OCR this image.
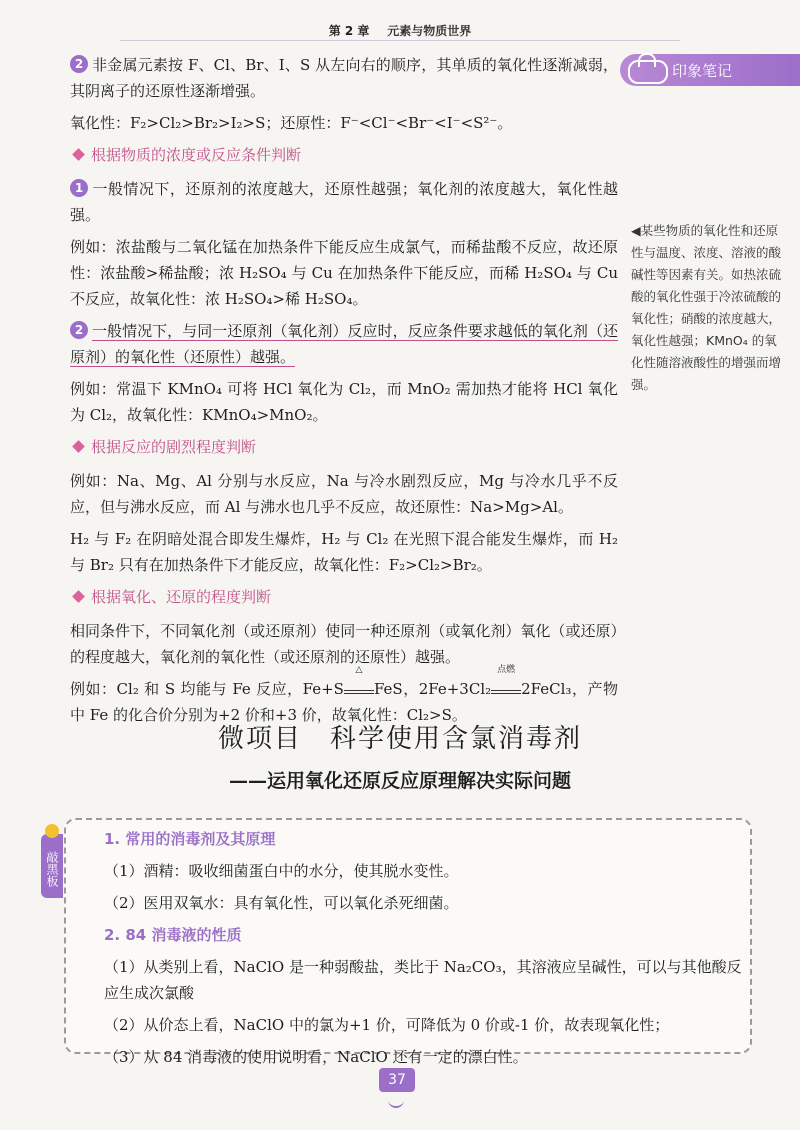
第 2 章 元素与物质世界
印象笔记

2 非金属元素按 F、Cl、Br、I、S 从左向右的顺序，其单质的氧化性逐渐减弱，其阴离子的还原性逐渐增强。

氧化性：F₂>Cl₂>Br₂>I₂>S；还原性：F⁻<Cl⁻<Br⁻<I⁻<S²⁻。

根据物质的浓度或反应条件判断

1 一般情况下，还原剂的浓度越大，还原性越强；氧化剂的浓度越大，氧化性越强。

例如：浓盐酸与二氧化锰在加热条件下能反应生成氯气，而稀盐酸不反应，故还原性：浓盐酸>稀盐酸；浓 H₂SO₄ 与 Cu 在加热条件下能反应，而稀 H₂SO₄ 与 Cu 不反应，故氧化性：浓 H₂SO₄>稀 H₂SO₄。

2 一般情况下，与同一还原剂（氧化剂）反应时，反应条件要求越低的氧化剂（还原剂）的氧化性（还原性）越强。

例如：常温下 KMnO₄ 可将 HCl 氧化为 Cl₂，而 MnO₂ 需加热才能将 HCl 氧化为 Cl₂，故氧化性：KMnO₄>MnO₂。

根据反应的剧烈程度判断

例如：Na、Mg、Al 分别与水反应，Na 与冷水剧烈反应，Mg 与冷水几乎不反应，但与沸水反应，而 Al 与沸水也几乎不反应，故还原性：Na>Mg>Al。

H₂ 与 F₂ 在阴暗处混合即发生爆炸，H₂ 与 Cl₂ 在光照下混合能发生爆炸，而 H₂ 与 Br₂ 只有在加热条件下才能反应，故氧化性：F₂>Cl₂>Br₂。

根据氧化、还原的程度判断

相同条件下，不同氧化剂（或还原剂）使同一种还原剂（或氧化剂）氧化（或还原）的程度越大，氧化剂的氧化性（或还原剂的还原性）越强。

例如：Cl₂ 和 S 均能与 Fe 反应，Fe+S
△
FeS，2Fe+3Cl₂
点燃
2FeCl₃，产物中 Fe 的化合价分别为+2 价和+3 价，故氧化性：Cl₂>S。

◀某些物质的氧化性和还原性与温度、浓度、溶液的酸碱性等因素有关。如热浓硫酸的氧化性强于冷浓硫酸的氧化性；硝酸的浓度越大，氧化性越强；KMnO₄ 的氧化性随溶液酸性的增强而增强。
微项目　科学使用含氯消毒剂
——运用氧化还原反应原理解决实际问题
敲黑板

1. 常用的消毒剂及其原理

（1）酒精：吸收细菌蛋白中的水分，使其脱水变性。

（2）医用双氧水：具有氧化性，可以氧化杀死细菌。

2. 84 消毒液的性质

（1）从类别上看，NaClO 是一种弱酸盐，类比于 Na₂CO₃，其溶液应呈碱性，可以与其他酸反应生成次氯酸

（2）从价态上看，NaClO 中的氯为+1 价，可降低为 0 价或-1 价，故表现氧化性；

（3）从 84 消毒液的使用说明看，NaClO 还有一定的漂白性。

37
